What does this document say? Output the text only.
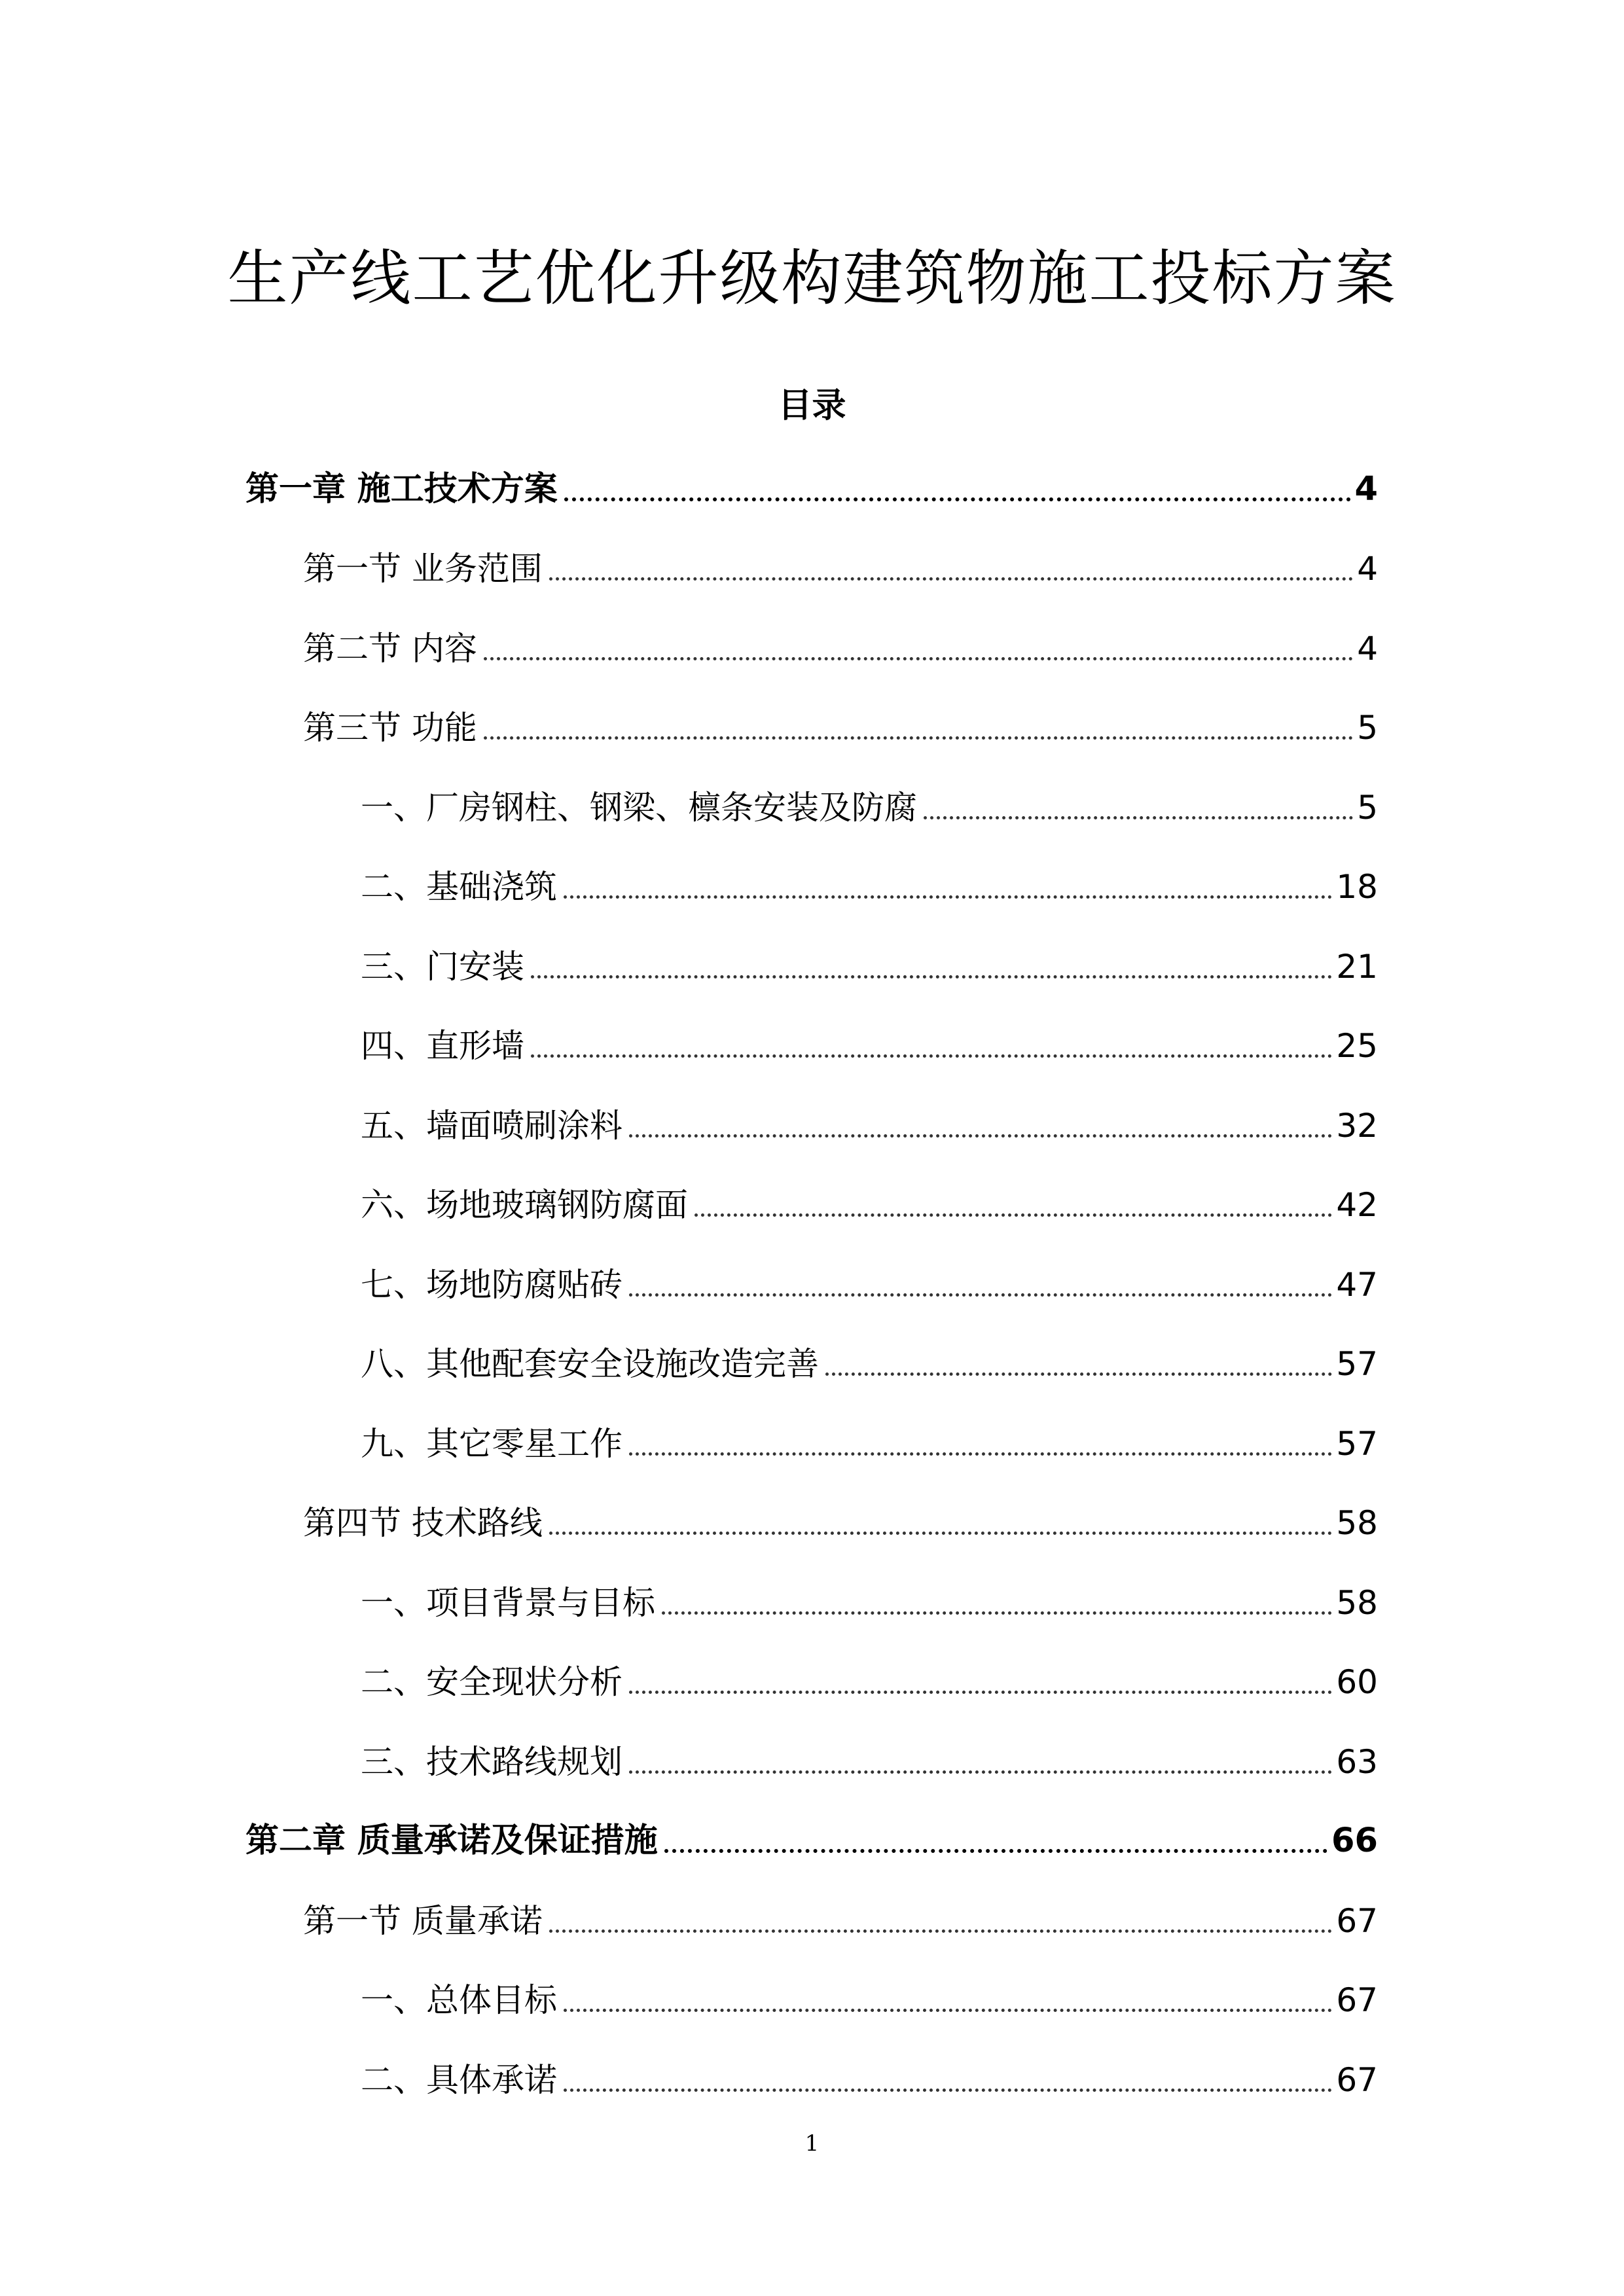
生产线工艺优化升级构建筑物施工投标方案
目录
第一章 施工技术方案	4
第一节 业务范围	4
第二节 内容	4
第三节 功能	5
一、厂房钢柱、钢梁、檩条安装及防腐	5
二、基础浇筑	18
三、门安装	21
四、直形墙	25
五、墙面喷刷涂料	32
六、场地玻璃钢防腐面	42
七、场地防腐贴砖	47
八、其他配套安全设施改造完善	57
九、其它零星工作	57
第四节 技术路线	58
一、项目背景与目标	58
二、安全现状分析	60
三、技术路线规划	63
第二章 质量承诺及保证措施	66
第一节 质量承诺	67
一、总体目标	67
二、具体承诺	67
1
